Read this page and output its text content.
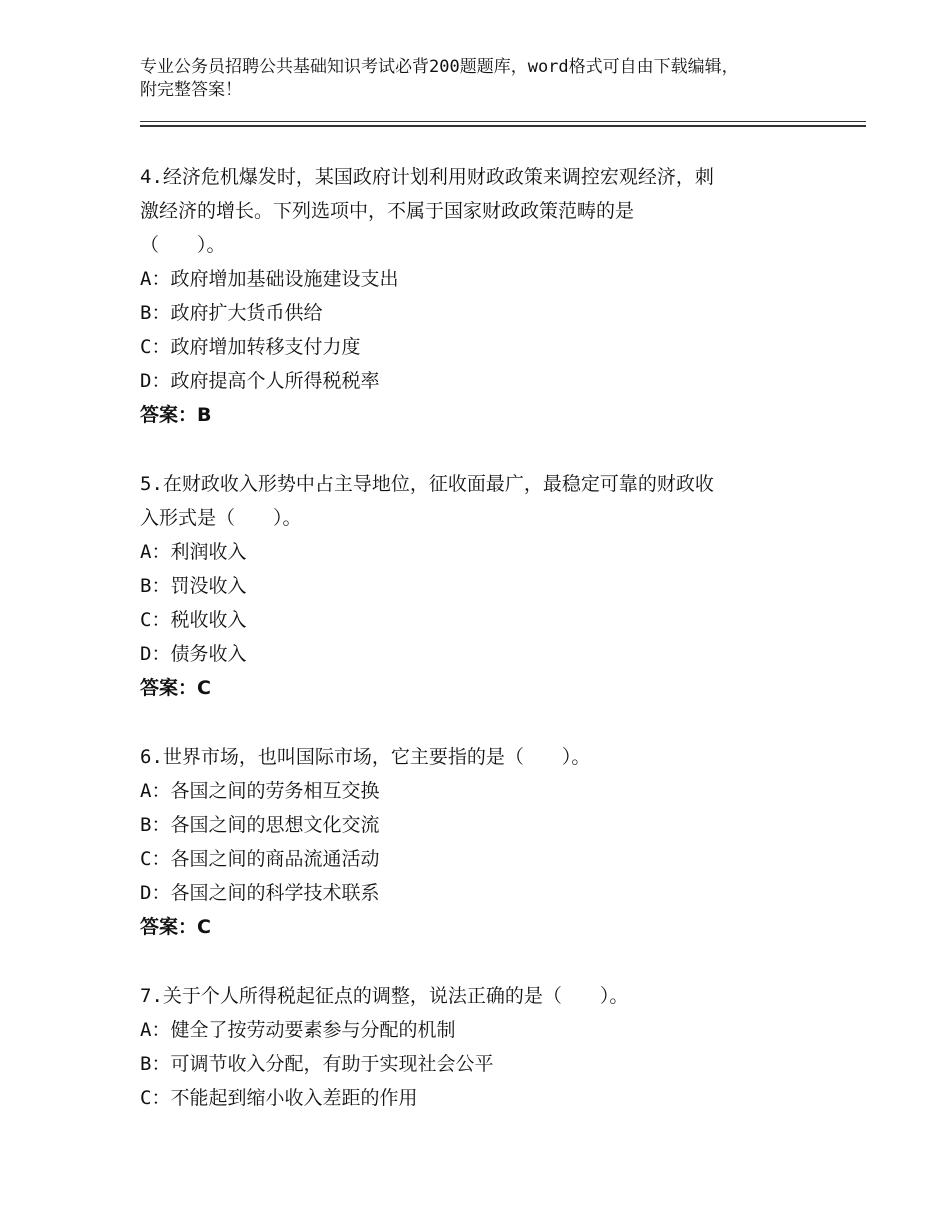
专业公务员招聘公共基础知识考试必背200题题库，word格式可自由下载编辑，
附完整答案！
4.经济危机爆发时，某国政府计划利用财政政策来调控宏观经济，刺
激经济的增长。下列选项中，不属于国家财政政策范畴的是
（　　）。
A：政府增加基础设施建设支出
B：政府扩大货币供给
C：政府增加转移支付力度
D：政府提高个人所得税税率
答案：B
5.在财政收入形势中占主导地位，征收面最广，最稳定可靠的财政收
入形式是（　　）。
A：利润收入
B：罚没收入
C：税收收入
D：债务收入
答案：C
6.世界市场，也叫国际市场，它主要指的是（　　）。
A：各国之间的劳务相互交换
B：各国之间的思想文化交流
C：各国之间的商品流通活动
D：各国之间的科学技术联系
答案：C
7.关于个人所得税起征点的调整，说法正确的是（　　）。
A：健全了按劳动要素参与分配的机制
B：可调节收入分配，有助于实现社会公平
C：不能起到缩小收入差距的作用
